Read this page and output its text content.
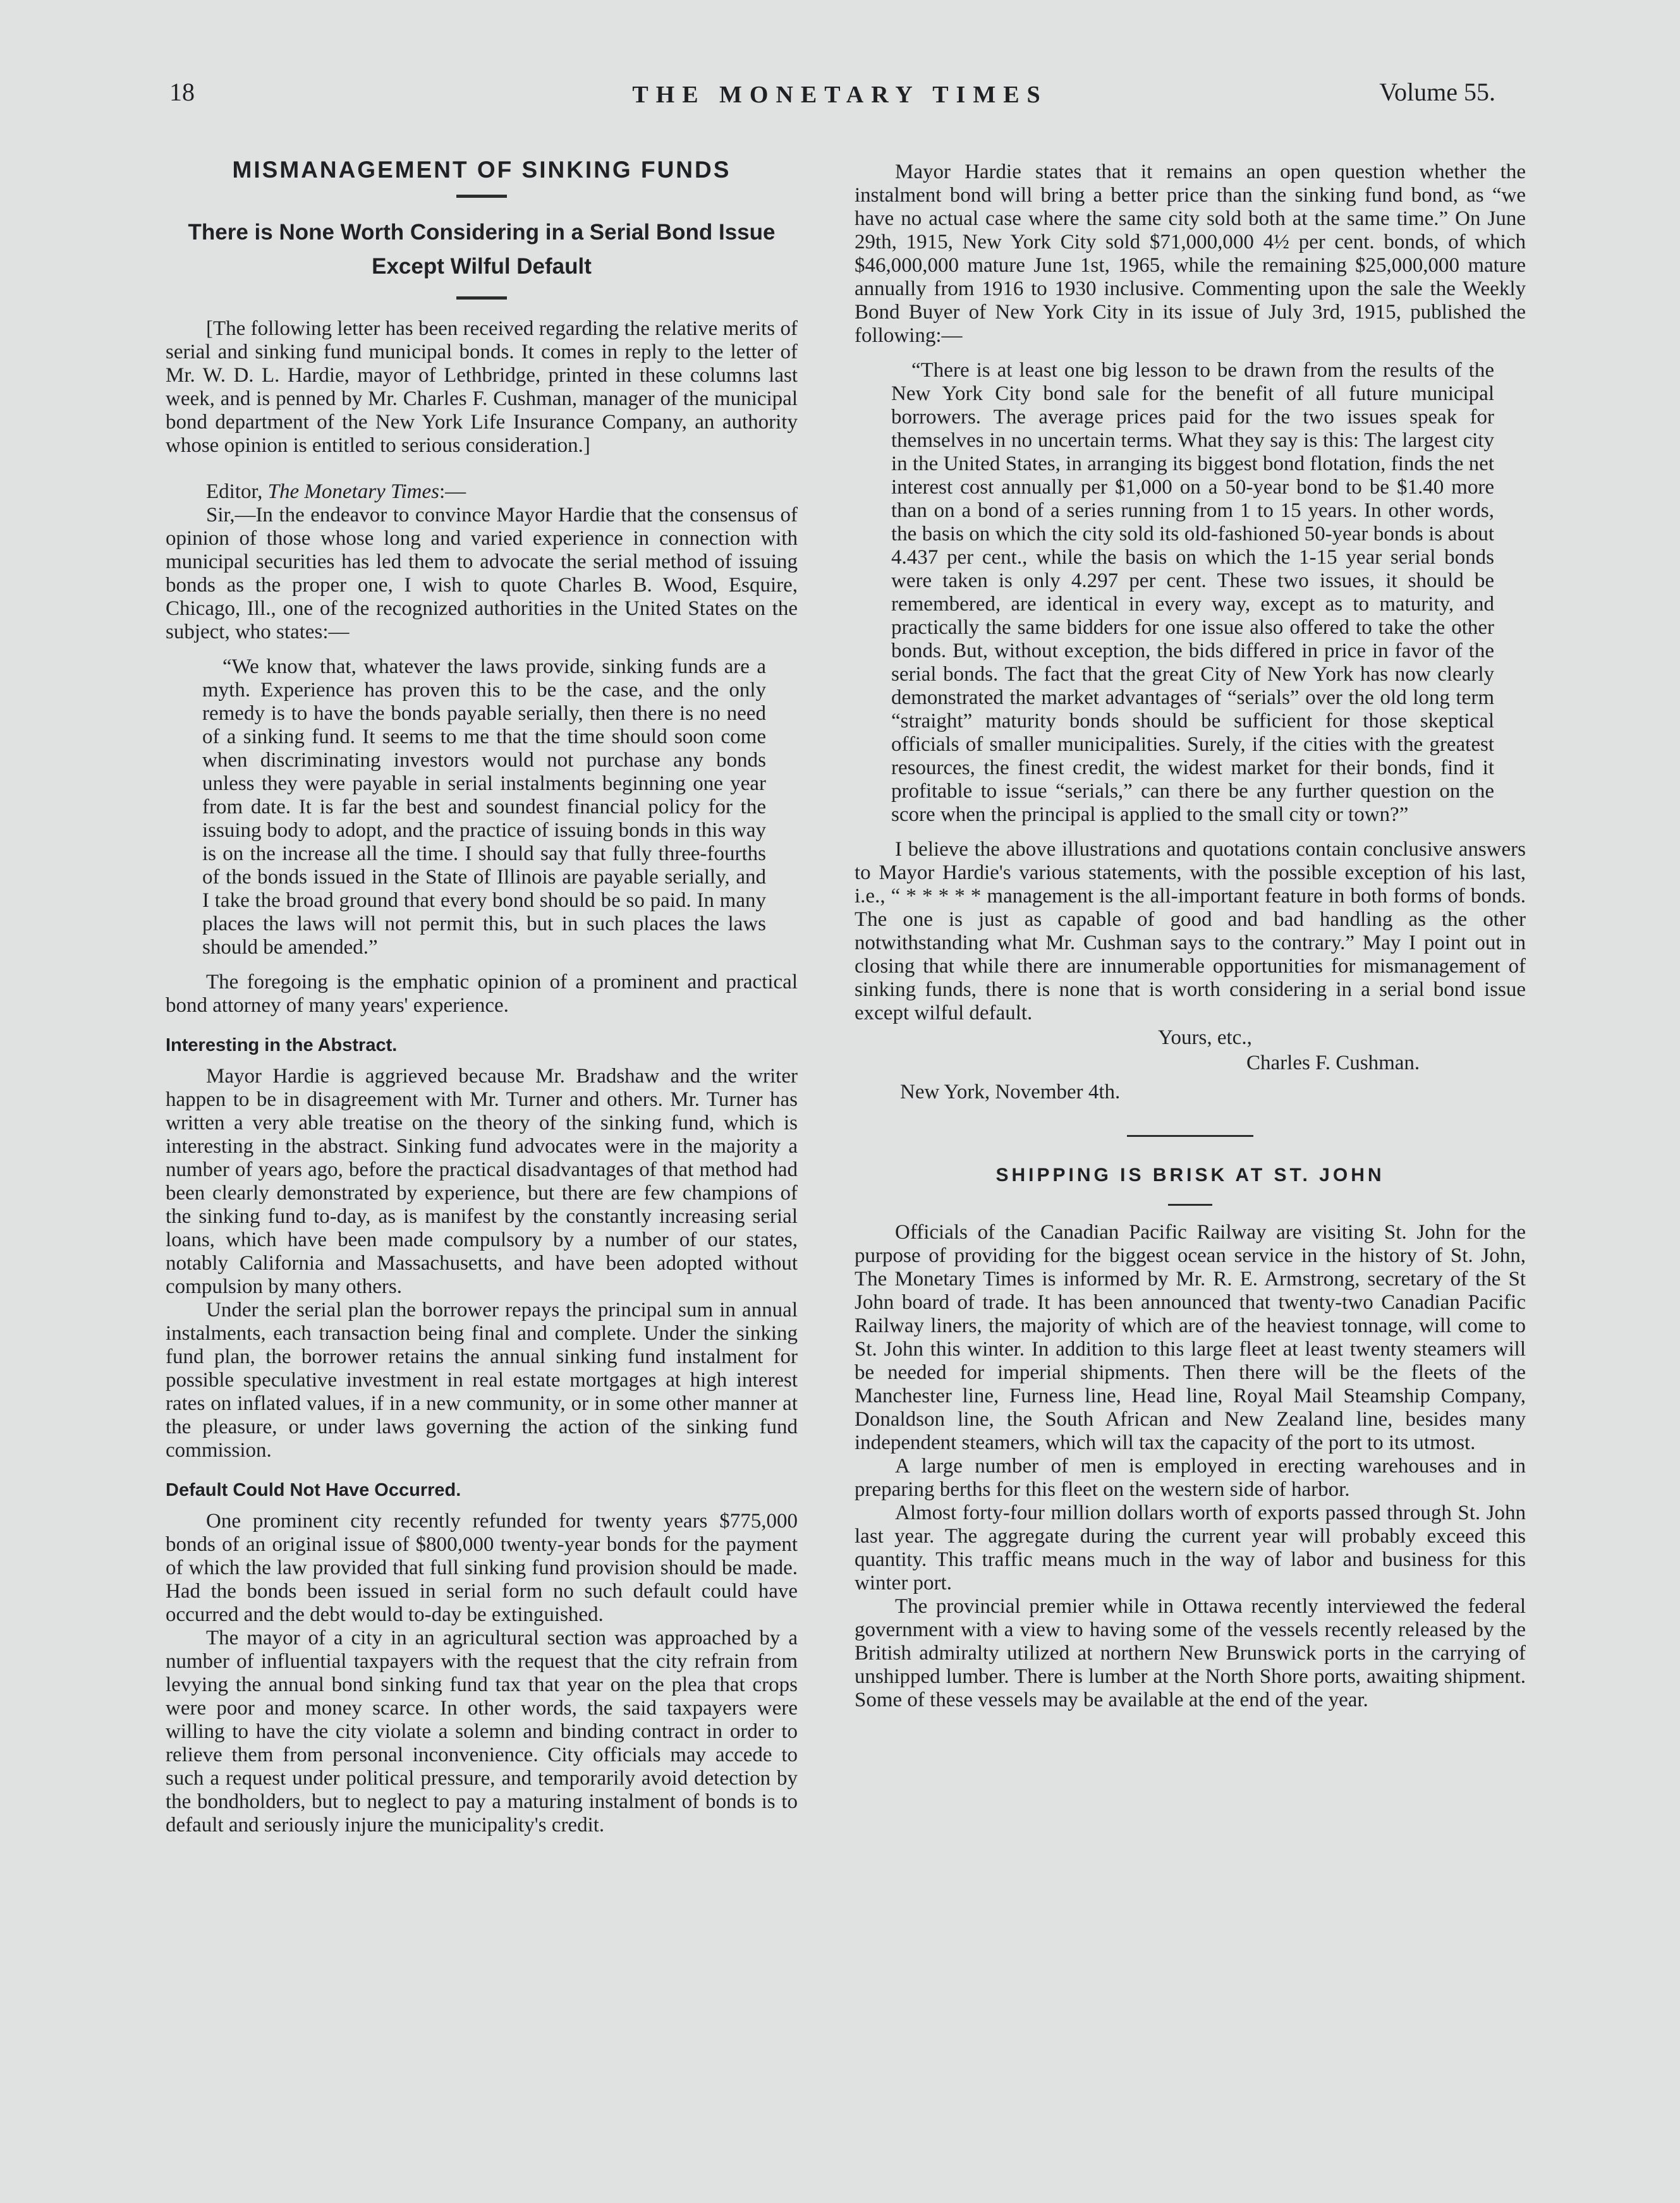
18	THE MONETARY TIMES	Volume 55.
MISMANAGEMENT OF SINKING FUNDS
There is None Worth Considering in a Serial Bond Issue Except Wilful Default

[The following letter has been received regarding the relative merits of serial and sinking fund municipal bonds. It comes in reply to the letter of Mr. W. D. L. Hardie, mayor of Lethbridge, printed in these columns last week, and is penned by Mr. Charles F. Cushman, manager of the municipal bond department of the New York Life Insurance Company, an authority whose opinion is entitled to serious consideration.]

Editor, The Monetary Times:—

Sir,—In the endeavor to convince Mayor Hardie that the consensus of opinion of those whose long and varied experience in connection with municipal securities has led them to advocate the serial method of issuing bonds as the proper one, I wish to quote Charles B. Wood, Esquire, Chicago, Ill., one of the recognized authorities in the United States on the subject, who states:—

“We know that, whatever the laws provide, sinking funds are a myth. Experience has proven this to be the case, and the only remedy is to have the bonds payable serially, then there is no need of a sinking fund. It seems to me that the time should soon come when discriminating investors would not purchase any bonds unless they were payable in serial instalments beginning one year from date. It is far the best and soundest financial policy for the issuing body to adopt, and the practice of issuing bonds in this way is on the increase all the time. I should say that fully three-fourths of the bonds issued in the State of Illinois are payable serially, and I take the broad ground that every bond should be so paid. In many places the laws will not permit this, but in such places the laws should be amended.”

The foregoing is the emphatic opinion of a prominent and practical bond attorney of many years' experience.

Interesting in the Abstract.

Mayor Hardie is aggrieved because Mr. Bradshaw and the writer happen to be in disagreement with Mr. Turner and others. Mr. Turner has written a very able treatise on the theory of the sinking fund, which is interesting in the abstract. Sinking fund advocates were in the majority a number of years ago, before the practical disadvantages of that method had been clearly demonstrated by experience, but there are few champions of the sinking fund to-day, as is manifest by the constantly increasing serial loans, which have been made compulsory by a number of our states, notably California and Massachusetts, and have been adopted without compulsion by many others.

Under the serial plan the borrower repays the principal sum in annual instalments, each transaction being final and complete. Under the sinking fund plan, the borrower retains the annual sinking fund instalment for possible speculative investment in real estate mortgages at high interest rates on inflated values, if in a new community, or in some other manner at the pleasure, or under laws governing the action of the sinking fund commission.

Default Could Not Have Occurred.

One prominent city recently refunded for twenty years $775,000 bonds of an original issue of $800,000 twenty-year bonds for the payment of which the law provided that full sinking fund provision should be made. Had the bonds been issued in serial form no such default could have occurred and the debt would to-day be extinguished.

The mayor of a city in an agricultural section was approached by a number of influential taxpayers with the request that the city refrain from levying the annual bond sinking fund tax that year on the plea that crops were poor and money scarce. In other words, the said taxpayers were willing to have the city violate a solemn and binding contract in order to relieve them from personal inconvenience. City officials may accede to such a request under political pressure, and temporarily avoid detection by the bondholders, but to neglect to pay a maturing instalment of bonds is to default and seriously injure the municipality's credit.

Mayor Hardie states that it remains an open question whether the instalment bond will bring a better price than the sinking fund bond, as “we have no actual case where the same city sold both at the same time.” On June 29th, 1915, New York City sold $71,000,000 4½ per cent. bonds, of which $46,000,000 mature June 1st, 1965, while the remaining $25,000,000 mature annually from 1916 to 1930 inclusive. Commenting upon the sale the Weekly Bond Buyer of New York City in its issue of July 3rd, 1915, published the following:—

“There is at least one big lesson to be drawn from the results of the New York City bond sale for the benefit of all future municipal borrowers. The average prices paid for the two issues speak for themselves in no uncertain terms. What they say is this: The largest city in the United States, in arranging its biggest bond flotation, finds the net interest cost annually per $1,000 on a 50-year bond to be $1.40 more than on a bond of a series running from 1 to 15 years. In other words, the basis on which the city sold its old-fashioned 50-year bonds is about 4.437 per cent., while the basis on which the 1-15 year serial bonds were taken is only 4.297 per cent. These two issues, it should be remembered, are identical in every way, except as to maturity, and practically the same bidders for one issue also offered to take the other bonds. But, without exception, the bids differed in price in favor of the serial bonds. The fact that the great City of New York has now clearly demonstrated the market advantages of “serials” over the old long term “straight” maturity bonds should be sufficient for those skeptical officials of smaller municipalities. Surely, if the cities with the greatest resources, the finest credit, the widest market for their bonds, find it profitable to issue “serials,” can there be any further question on the score when the principal is applied to the small city or town?”

I believe the above illustrations and quotations contain conclusive answers to Mayor Hardie's various statements, with the possible exception of his last, i.e., “ * * * * * management is the all-important feature in both forms of bonds. The one is just as capable of good and bad handling as the other notwithstanding what Mr. Cushman says to the contrary.” May I point out in closing that while there are innumerable opportunities for mismanagement of sinking funds, there is none that is worth considering in a serial bond issue except wilful default.

Yours, etc.,
Charles F. Cushman.
New York, November 4th.
SHIPPING IS BRISK AT ST. JOHN

Officials of the Canadian Pacific Railway are visiting St. John for the purpose of providing for the biggest ocean service in the history of St. John, The Monetary Times is informed by Mr. R. E. Armstrong, secretary of the St John board of trade. It has been announced that twenty-two Canadian Pacific Railway liners, the majority of which are of the heaviest tonnage, will come to St. John this winter. In addition to this large fleet at least twenty steamers will be needed for imperial shipments. Then there will be the fleets of the Manchester line, Furness line, Head line, Royal Mail Steamship Company, Donaldson line, the South African and New Zealand line, besides many independent steamers, which will tax the capacity of the port to its utmost.

A large number of men is employed in erecting warehouses and in preparing berths for this fleet on the western side of harbor.

Almost forty-four million dollars worth of exports passed through St. John last year. The aggregate during the current year will probably exceed this quantity. This traffic means much in the way of labor and business for this winter port.

The provincial premier while in Ottawa recently interviewed the federal government with a view to having some of the vessels recently released by the British admiralty utilized at northern New Brunswick ports in the carrying of unshipped lumber. There is lumber at the North Shore ports, awaiting shipment. Some of these vessels may be available at the end of the year.
